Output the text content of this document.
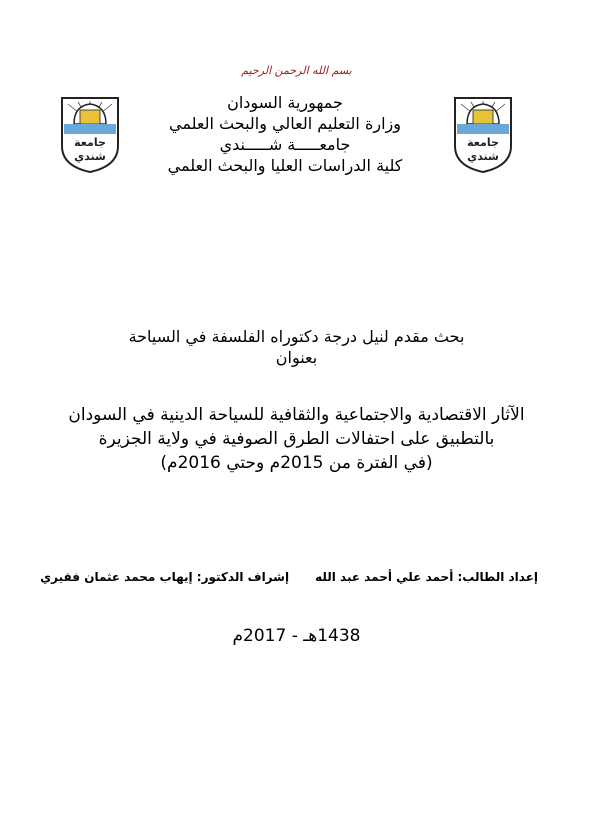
بسم الله الرحمن الرحيم
جامعة
شندي
جامعة
شندي
جمهورية السودان
وزارة التعليم العالي والبحث العلمي
جامعـــــة شـــــندي
كلية الدراسات العليا والبحث العلمي
بحث مقدم لنيل درجة دكتوراه الفلسفة في السياحة
بعنوان
الآثار الاقتصادية والاجتماعية والثقافية للسياحة الدينية في السودان
بالتطبيق على احتفالات الطرق الصوفية في ولاية الجزيرة
(في الفترة من 2015م وحتي 2016م)
إعداد الطالب: أحمد علي أحمد عبد الله
إشراف الدكتور: إيهاب محمد عثمان فقيري
1438هـ - 2017م
